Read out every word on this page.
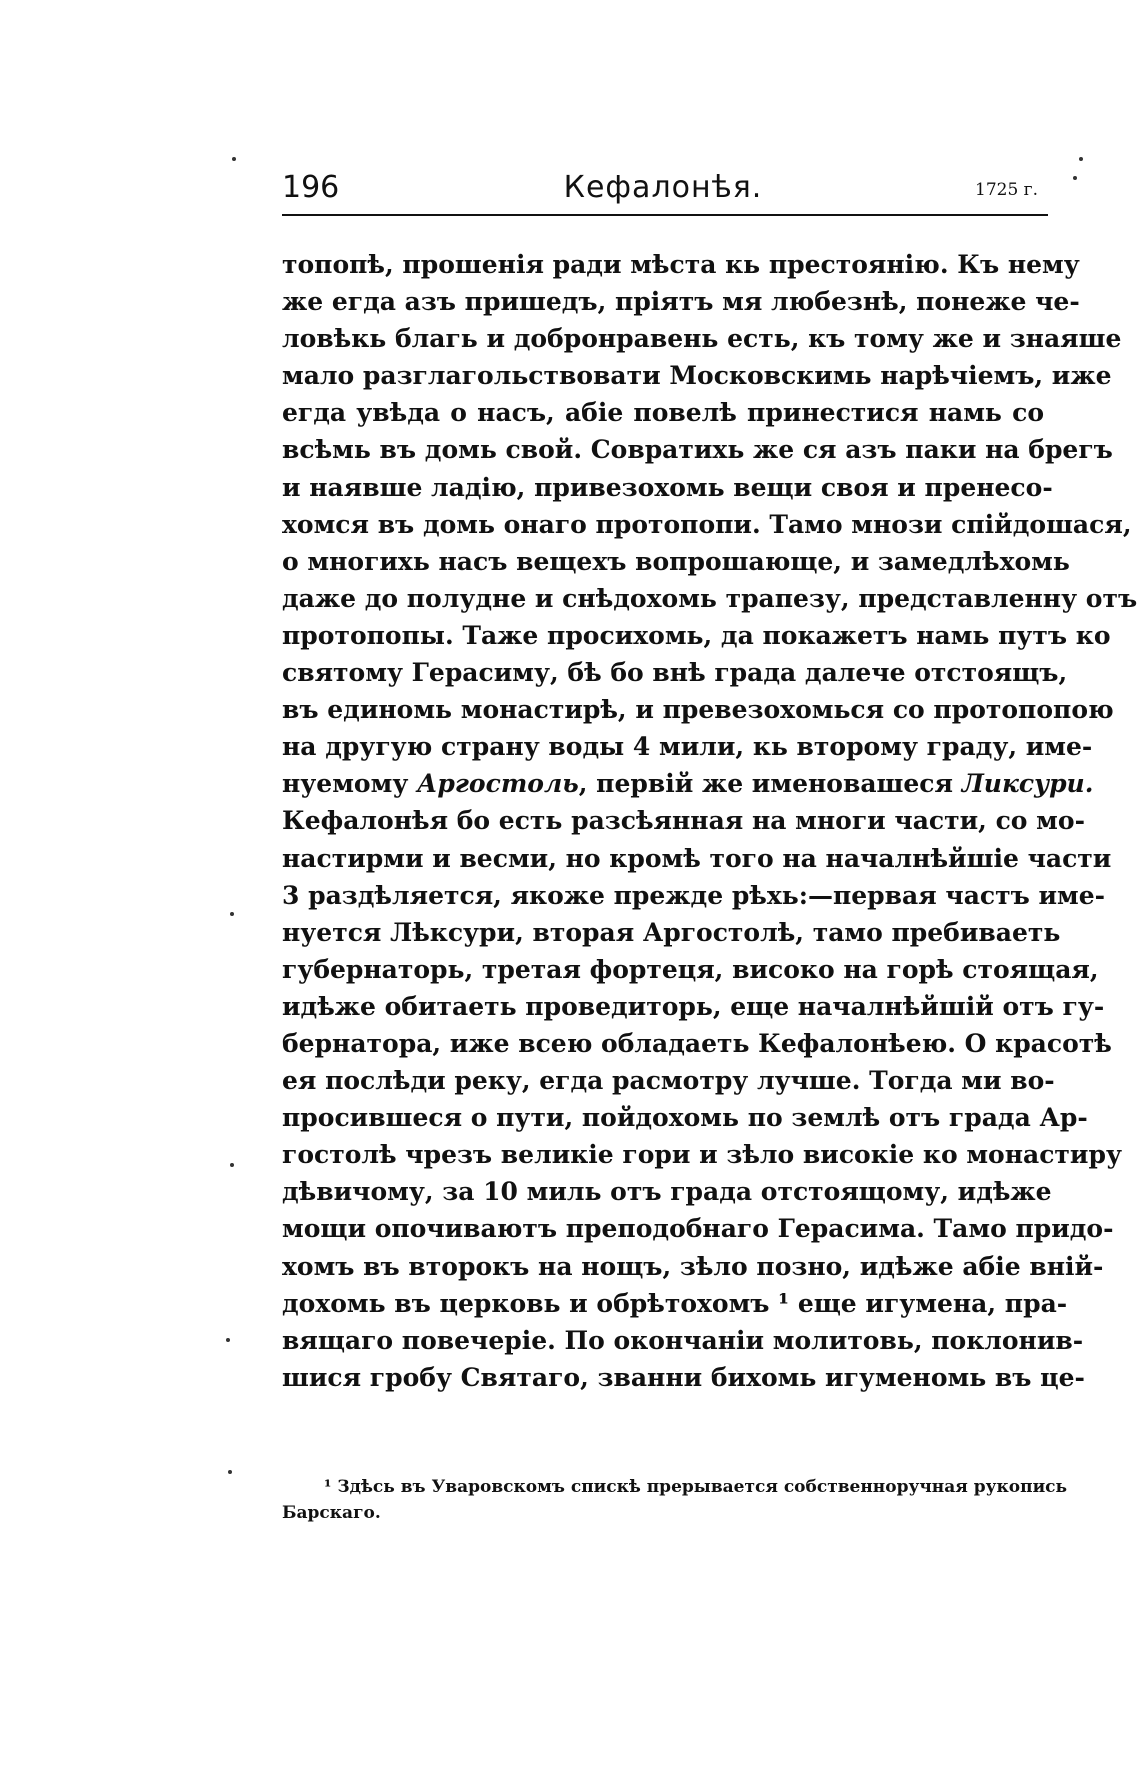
196	Кефалонѣя.	1725 г.
топопѣ, прошенія ради мѣста кь престоянію. Къ нему
же егда азъ пришедъ, пріятъ мя любезнѣ, понеже че-
ловѣкь благь и добронравень есть, къ тому же и знаяше
мало разглагольствовати Московскимь нарѣчіемъ, иже
егда увѣда о насъ, абіе повелѣ принестися намь со
всѣмь въ домь свой. Совратихь же ся азъ паки на брегъ
и наявше ладію, привезохомь вещи своя и пренесо-
хомся въ домь онаго протопопи. Тамо мнози спійдошася,
о многихь насъ вещехъ вопрошающе, и замедлѣхомь
даже до полудне и снѣдохомь трапезу, представленну отъ
протопопы. Таже просихомь, да покажетъ намь путъ ко
святому Герасиму, бѣ бо внѣ града далече отстоящъ,
въ единомь монастирѣ, и превезохомься со протопопою
на другую страну воды 4 мили, кь второму граду, име-
нуемому Аргостоль, первій же именовашеся Ликсури.
Кефалонѣя бо есть разсѣянная на многи части, со мо-
настирми и весми, но кромѣ того на началнѣйшіе части
3 раздѣляется, якоже прежде рѣхь:—первая частъ име-
нуется Лѣксури, вторая Аргостолѣ, тамо пребиваеть
губернаторь, третая фортеця, високо на горѣ стоящая,
идѣже обитаеть проведиторь, еще началнѣйшій отъ гу-
бернатора, иже всею обладаеть Кефалонѣею. О красотѣ
ея послѣди реку, егда расмотру лучше. Тогда ми во-
просившеся о пути, пойдохомь по землѣ отъ града Ар-
гостолѣ чрезъ великіе гори и зѣло високіе ко монастиру
дѣвичому, за 10 миль отъ града отстоящому, идѣже
мощи опочиваютъ преподобнаго Герасима. Тамо придо-
хомъ въ второкъ на нощъ, зѣло позно, идѣже абіе вній-
дохомь въ церковь и обрѣтохомъ ¹ еще игумена, пра-
вящаго повечеріе. По окончаніи молитовь, поклонив-
шися гробу Святаго, званни бихомь игуменомь въ це-
¹ Здѣсь въ Уваровскомъ спискѣ прерывается собственноручная рукопись
Барскаго.
